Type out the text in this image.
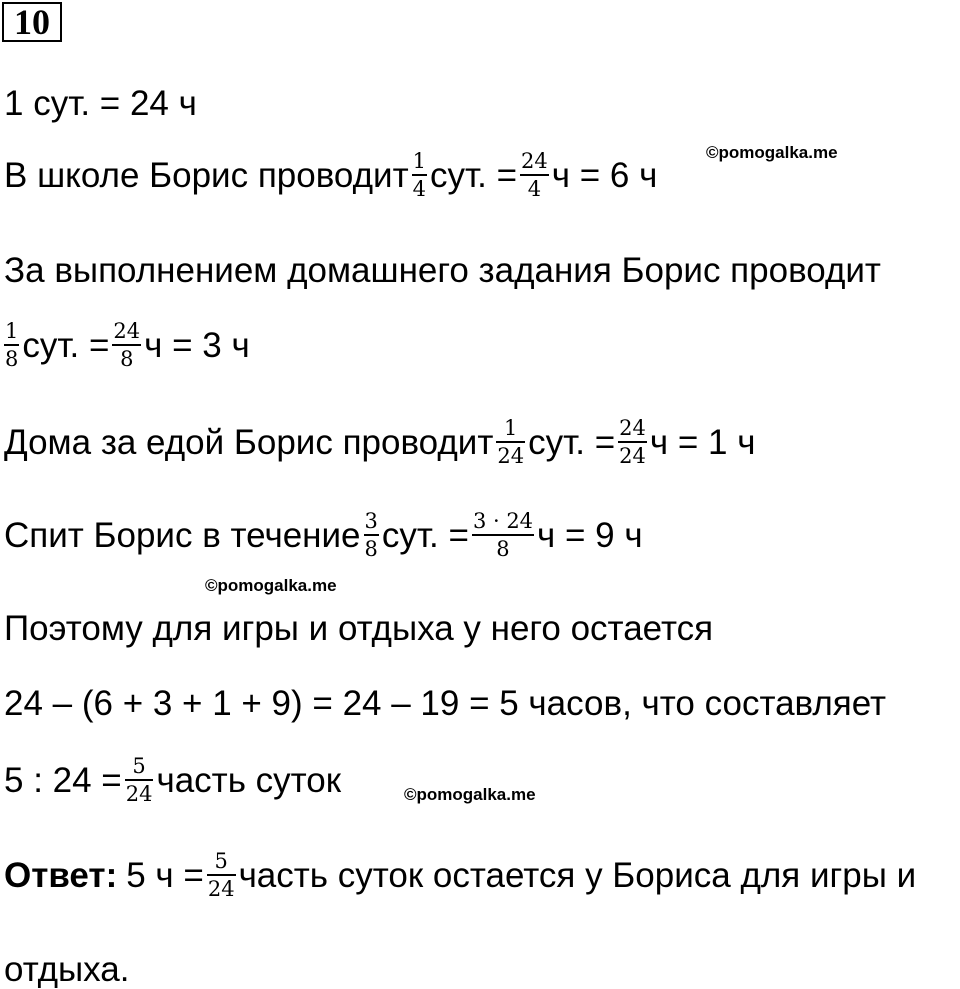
10
1 сут. = 24 ч
©pomogalka.me
В школе Борис проводит $\frac{1}{4}$ сут. = $\frac{24}{4}$ ч = 6 ч
За выполнением домашнего задания Борис проводит
$\frac{1}{8}$ сут. = $\frac{24}{8}$ ч = 3 ч
Дома за едой Борис проводит $\frac{1}{24}$ сут. = $\frac{24}{24}$ ч = 1 ч
Спит Борис в течение $\frac{3}{8}$ сут. = $\frac{3 \cdot 24}{8}$ ч = 9 ч
©pomogalka.me
Поэтому для игры и отдыха у него остается
24 – (6 + 3 + 1 + 9) = 24 – 19 = 5 часов, что составляет
5 : $24 = \frac{5}{24}$ часть суток	©pomogalka.me
Ответ: 5 $ч = \frac{5}{24}$ часть суток остается у Бориса для игры и
отдыха.
